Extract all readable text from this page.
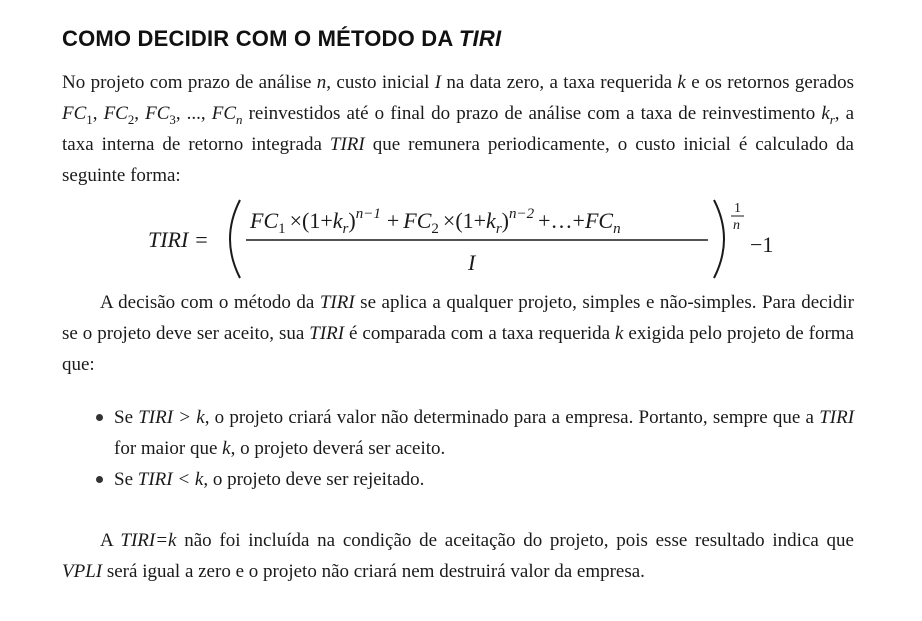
COMO DECIDIR COM O MÉTODO DA TIRI

No projeto com prazo de análise n, custo inicial I na data zero, a taxa requerida k e os retornos gerados $FC_1$, $FC_2$, $FC_3$, ..., $FC_n$ reinvestidos até o final do prazo de análise com a taxa de reinvestimento $k_r$, a taxa interna de retorno integrada TIRI que remunera periodicamente, o custo inicial é calculado da seguinte forma:

TIRI =
$FC_1 \times(1+k_r)^{n-1} + FC_2 \times(1+k_r)^{n-2}$ $+\dots+FC_n$
I
1
n
−1

A decisão com o método da TIRI se aplica a qualquer projeto, simples e não-simples. Para decidir se o projeto deve ser aceito, sua TIRI é comparada com a taxa requerida k exigida pelo projeto de forma que:

Se TIRI > k, o projeto criará valor não determinado para a empresa. Portanto, sempre que a TIRI for maior que k, o projeto deverá ser aceito.
Se TIRI < k, o projeto deve ser rejeitado.

A TIRI=k não foi incluída na condição de aceitação do projeto, pois esse resultado indica que VPLI será igual a zero e o projeto não criará nem destruirá valor da empresa.
